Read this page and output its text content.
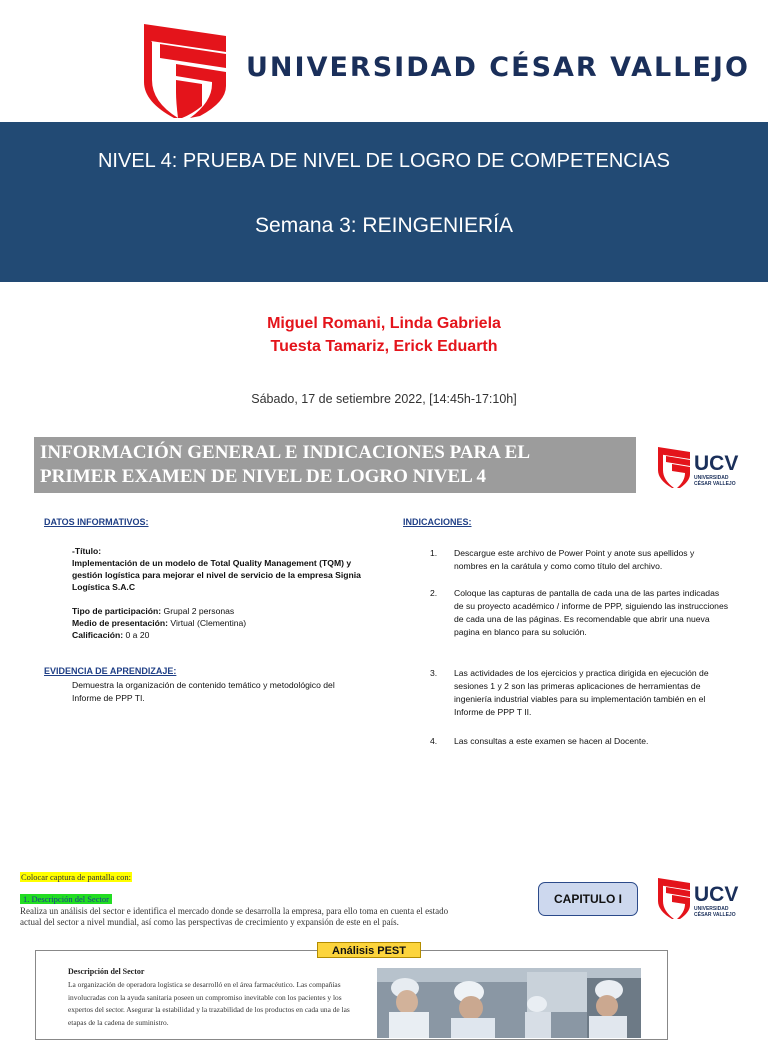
UNIVERSIDAD CÉSAR VALLEJO
NIVEL 4: PRUEBA DE NIVEL DE LOGRO DE COMPETENCIAS
Semana 3: REINGENIERÍA
Miguel Romani, Linda Gabriela
Tuesta Tamariz, Erick Eduarth
Sábado, 17 de setiembre 2022, [14:45h-17:10h]
INFORMACIÓN GENERAL E INDICACIONES PARA EL
PRIMER EXAMEN DE NIVEL DE LOGRO NIVEL 4
UCV
UNIVERSIDAD
CÉSAR VALLEJO
DATOS INFORMATIVOS:	INDICACIONES:
-Título:
Implementación de un modelo de Total Quality Management (TQM) y gestión logística para mejorar el nivel de servicio de la empresa Signia Logística S.A.C
Tipo de participación: Grupal 2 personas
Medio de presentación: Virtual (Clementina)
Calificación: 0 a 20
EVIDENCIA DE APRENDIZAJE:
Demuestra la organización de contenido temático y metodológico del Informe de PPP TI.
1. Descargue este archivo de Power Point y anote sus apellidos y nombres en la carátula y como como título del archivo.
2. Coloque las capturas de pantalla de cada una de las partes indicadas de su proyecto académico / informe de PPP, siguiendo las instrucciones de cada una de las páginas. Es recomendable que abrir una nueva pagina en blanco para su solución.
3. Las actividades de los ejercicios y practica dirigida en ejecución de sesiones 1 y 2 son las primeras aplicaciones de herramientas de ingeniería industrial viables para su implementación también en el Informe de PPP T II.
4. Las consultas a este examen se hacen al Docente.
Colocar captura de pantalla con:
1. Descripción del Sector
Realiza un análisis del sector e identifica el mercado donde se desarrolla la empresa, para ello toma en cuenta el estado actual del sector a nivel mundial, así como las perspectivas de crecimiento y expansión de este en el país.
CAPITULO I	UCV
UNIVERSIDAD
CÉSAR VALLEJO
Análisis PEST
Descripción del Sector
La organización de operadora logística se desarrolló en el área farmacéutico. Las compañías involucradas con la ayuda sanitaria poseen un compromiso inevitable con los pacientes y los expertos del sector. Asegurar la estabilidad y la trazabilidad de los productos en cada una de las etapas de la cadena de suministro.
